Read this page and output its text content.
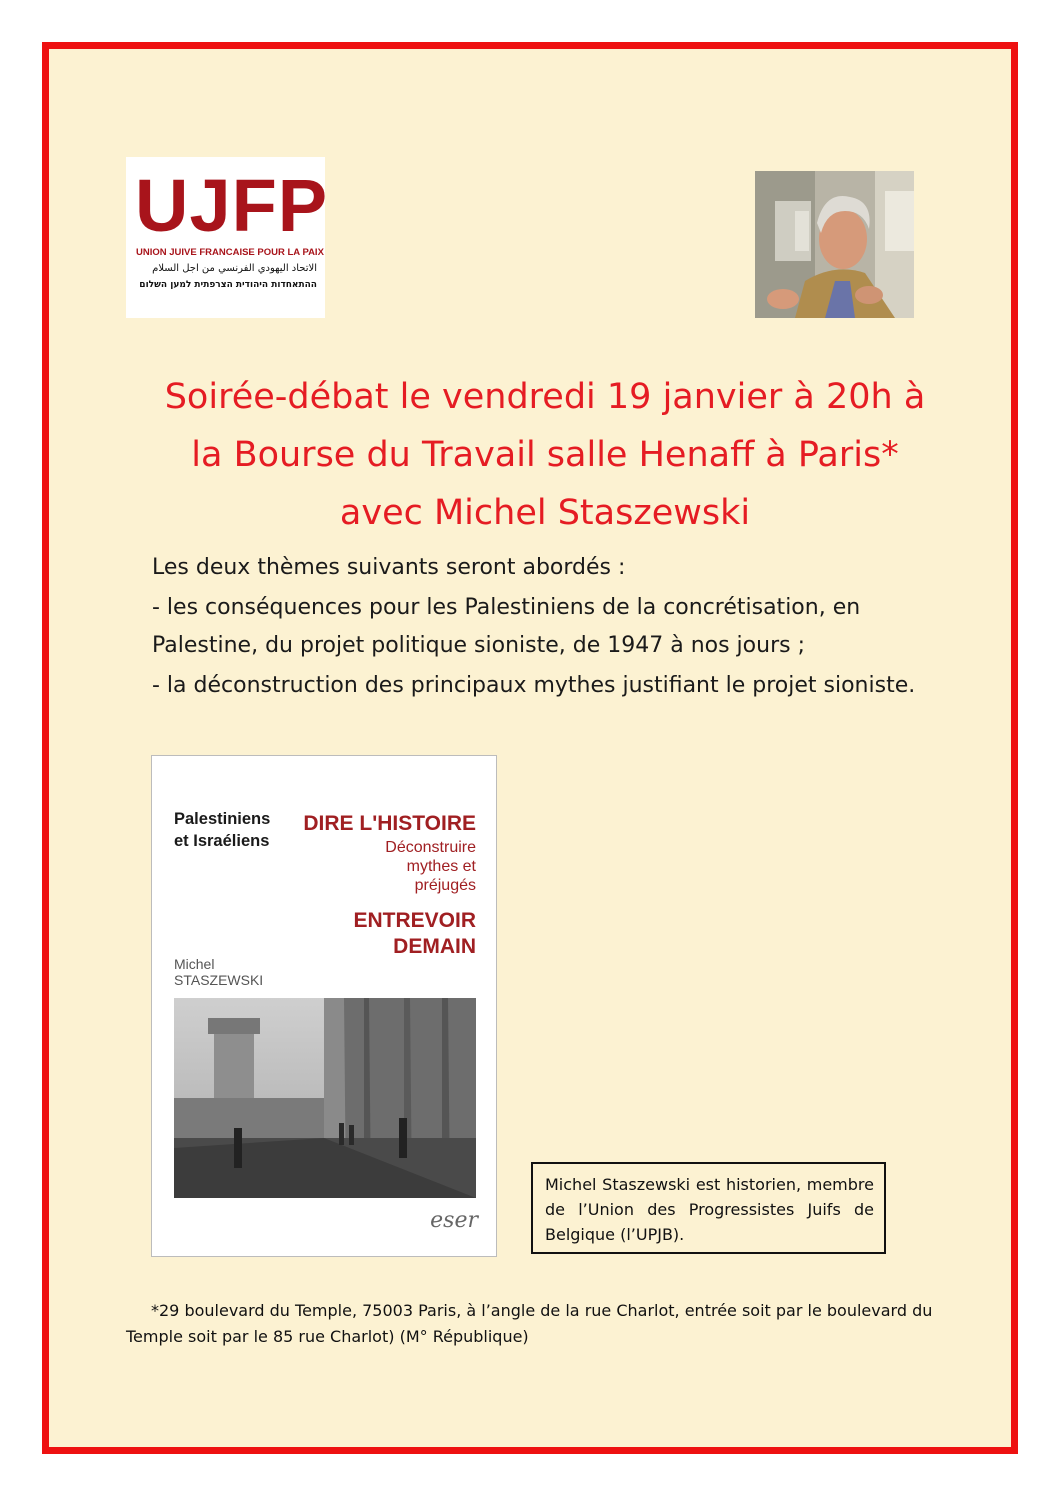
UJFP
UNION JUIVE FRANCAISE POUR LA PAIX
الاتحاد اليهودي الفرنسي من اجل السلام
ההתאחדות היהודית הצרפתית למען השלום
Soirée-débat le vendredi 19 janvier à 20h à
la Bourse du Travail salle Henaff à Paris*
avec Michel Staszewski

Les deux thèmes suivants seront abordés :

- les conséquences pour les Palestiniens de la concrétisation, en

Palestine, du projet politique sioniste, de 1947 à nos jours ;

- la déconstruction des principaux mythes justifiant le projet sioniste.

Palestiniens
et Israéliens
DIRE L'HISTOIRE
Déconstruire
mythes et
préjugés
ENTREVOIR
DEMAIN
Michel
STASZEWSKI
eser
Michel Staszewski est historien, membre de l’Union des Progressistes Juifs de Belgique (l’UPJB).

*29 boulevard du Temple, 75003 Paris, à l’angle de la rue Charlot, entrée soit par le boulevard du Temple soit par le 85 rue Charlot) (M° République)
